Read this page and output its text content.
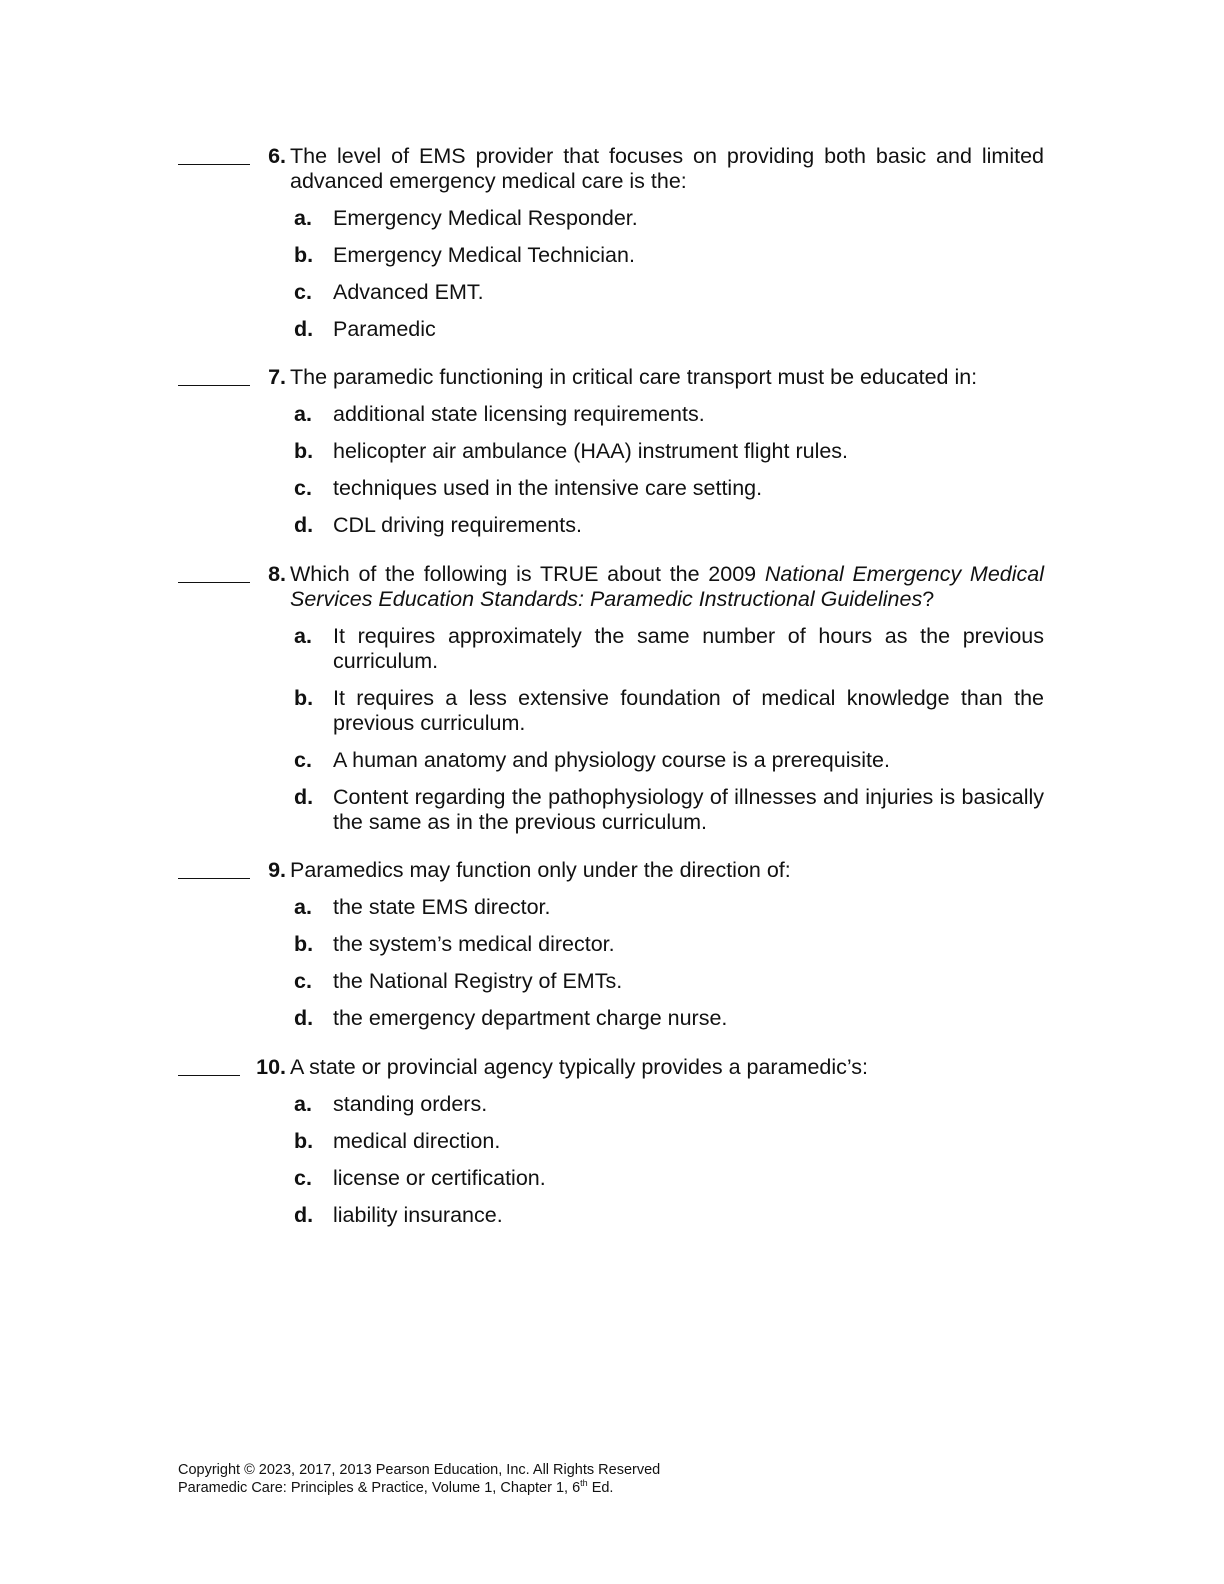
6. The level of EMS provider that focuses on providing both basic and limited advanced emergency medical care is the:
a. Emergency Medical Responder.
b. Emergency Medical Technician.
c. Advanced EMT.
d. Paramedic
7. The paramedic functioning in critical care transport must be educated in:
a. additional state licensing requirements.
b. helicopter air ambulance (HAA) instrument flight rules.
c. techniques used in the intensive care setting.
d. CDL driving requirements.
8. Which of the following is TRUE about the 2009 National Emergency Medical Services Education Standards: Paramedic Instructional Guidelines?
a. It requires approximately the same number of hours as the previous curriculum.
b. It requires a less extensive foundation of medical knowledge than the previous curriculum.
c. A human anatomy and physiology course is a prerequisite.
d. Content regarding the pathophysiology of illnesses and injuries is basically the same as in the previous curriculum.
9. Paramedics may function only under the direction of:
a. the state EMS director.
b. the system’s medical director.
c. the National Registry of EMTs.
d. the emergency department charge nurse.
10. A state or provincial agency typically provides a paramedic’s:
a. standing orders.
b. medical direction.
c. license or certification.
d. liability insurance.
Copyright © 2023, 2017, 2013 Pearson Education, Inc. All Rights Reserved
Paramedic Care: Principles & Practice, Volume 1, Chapter 1, 6th Ed.
